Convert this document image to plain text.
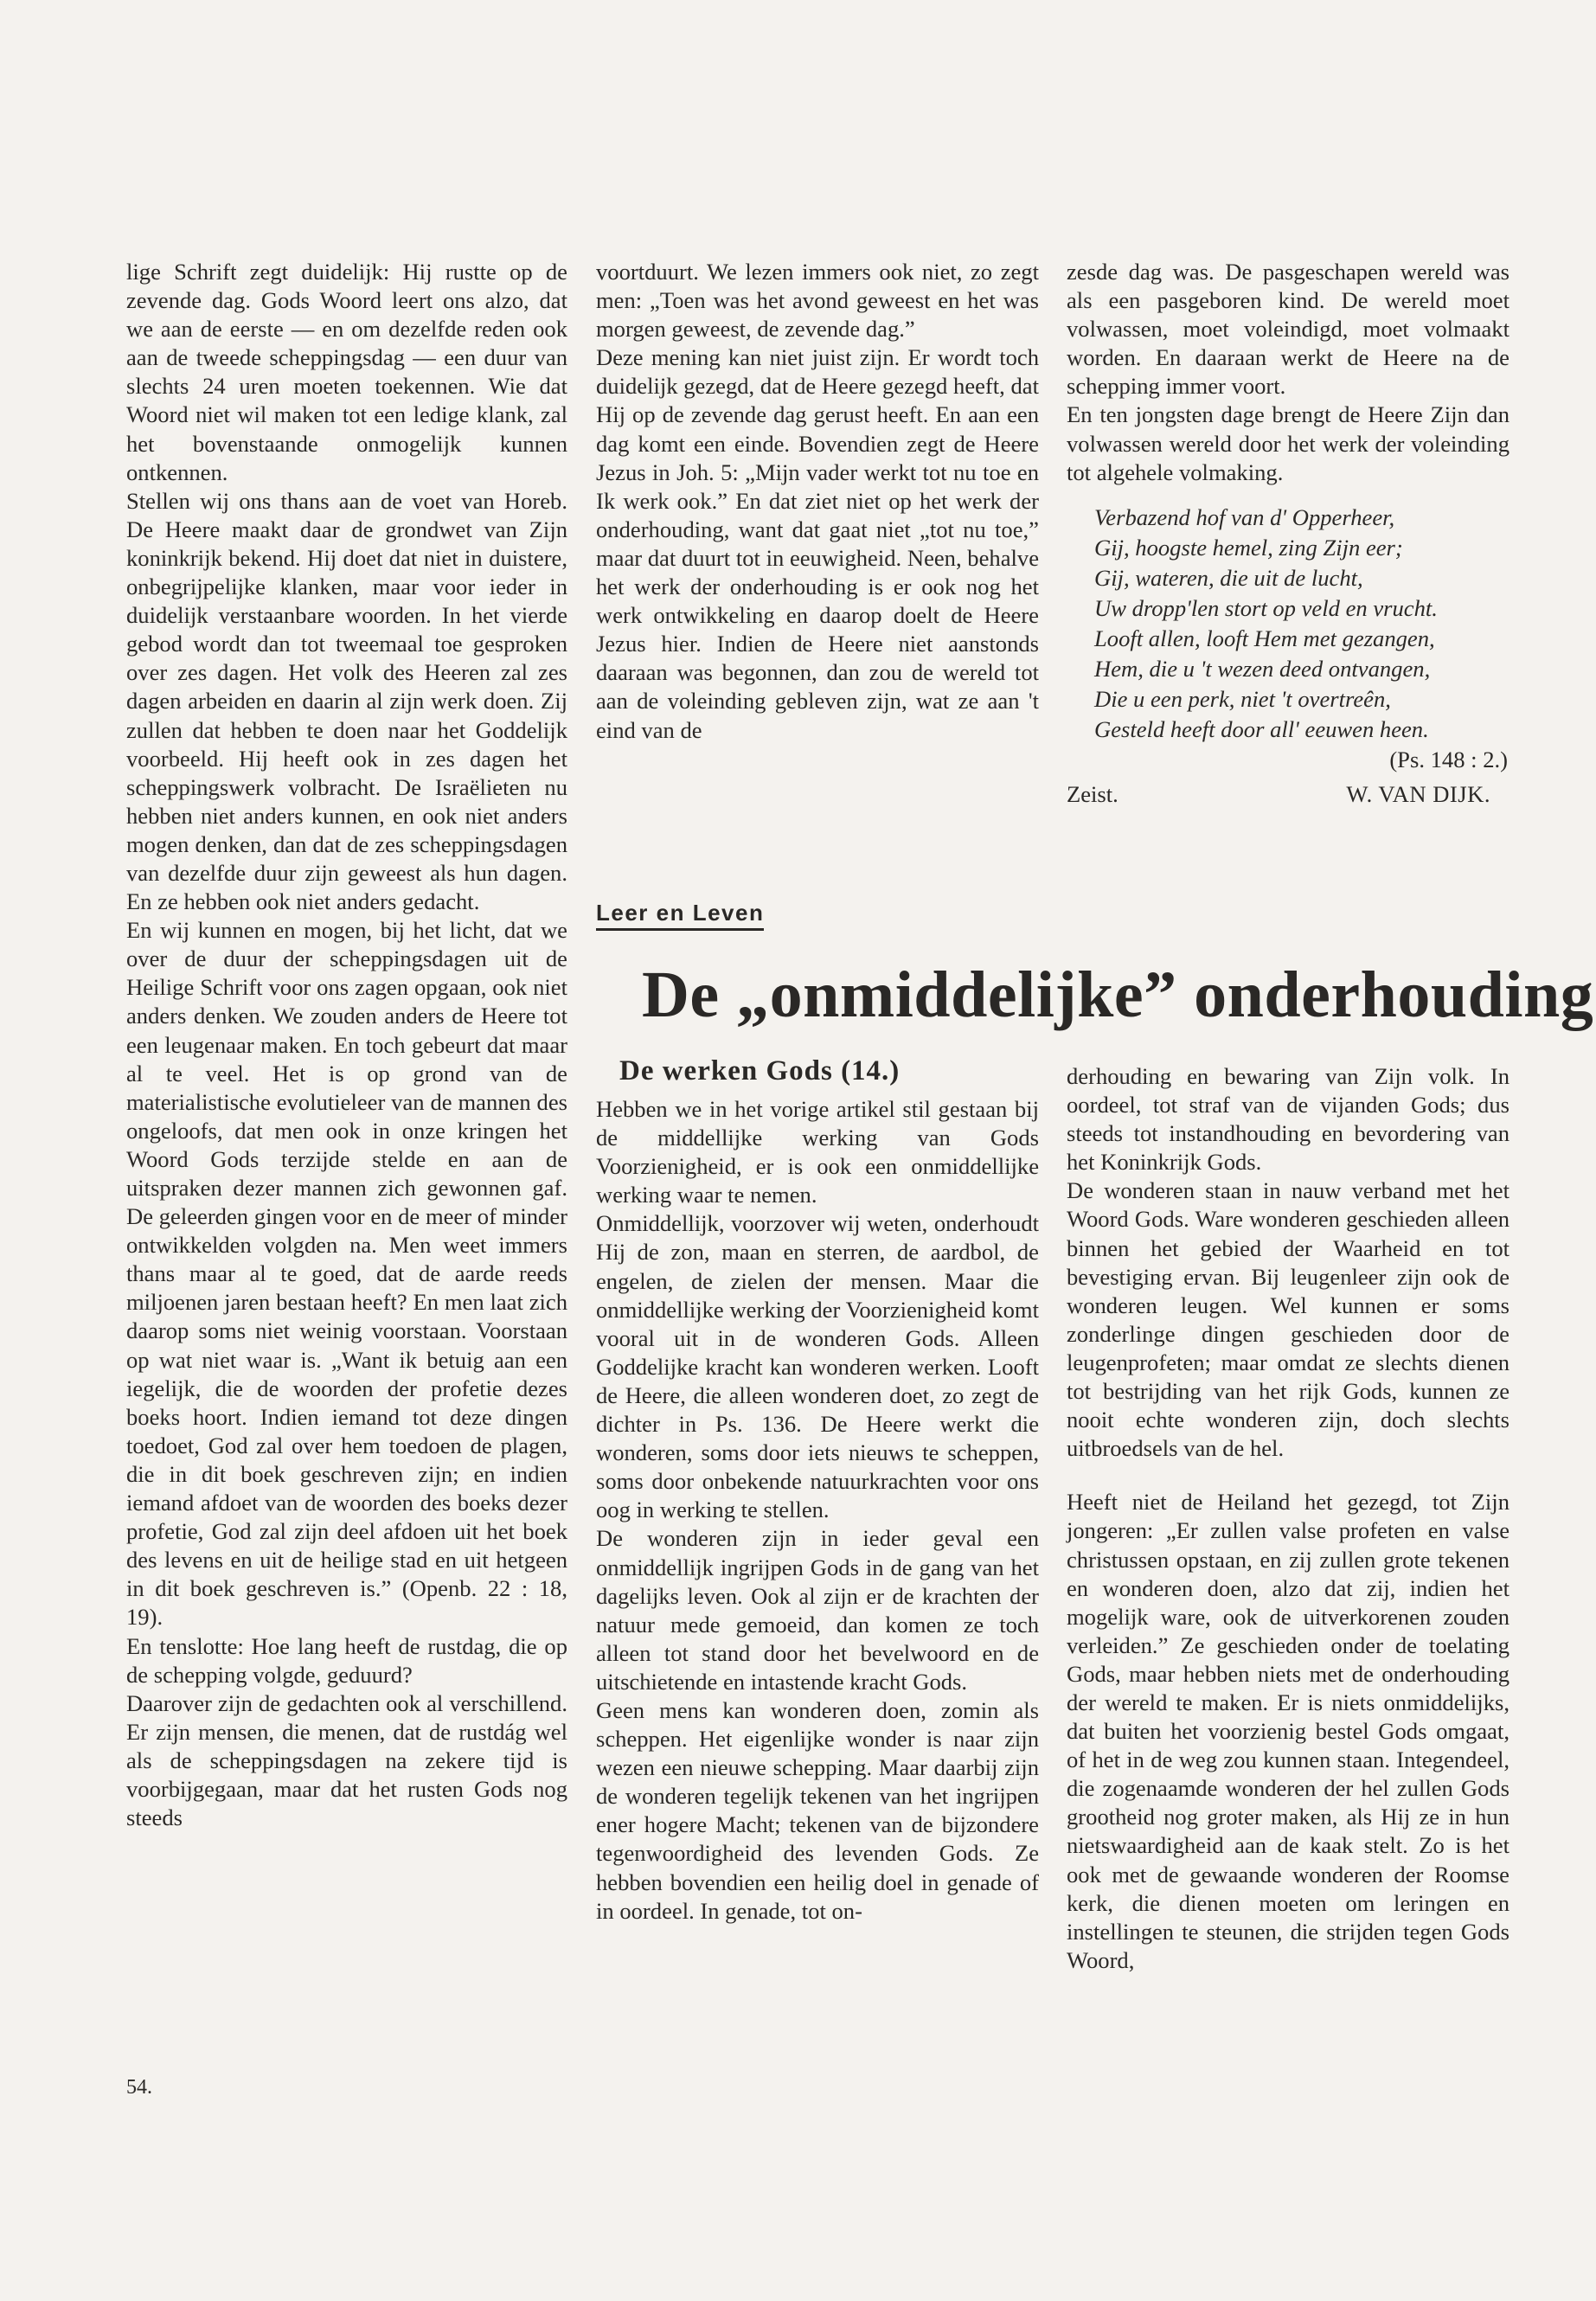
lige Schrift zegt duidelijk: Hij rustte op de zevende dag. Gods Woord leert ons alzo, dat we aan de eerste — en om dezelfde reden ook aan de tweede scheppingsdag — een duur van slechts 24 uren moeten toekennen. Wie dat Woord niet wil maken tot een ledige klank, zal het bovenstaande onmogelijk kunnen ontkennen.

Stellen wij ons thans aan de voet van Horeb. De Heere maakt daar de grondwet van Zijn koninkrijk bekend. Hij doet dat niet in duistere, onbegrijpelijke klanken, maar voor ieder in duidelijk verstaanbare woorden. In het vierde gebod wordt dan tot tweemaal toe gesproken over zes dagen. Het volk des Heeren zal zes dagen arbeiden en daarin al zijn werk doen. Zij zullen dat hebben te doen naar het Goddelijk voorbeeld. Hij heeft ook in zes dagen het scheppingswerk volbracht. De Israëlieten nu hebben niet anders kunnen, en ook niet anders mogen denken, dan dat de zes scheppingsdagen van dezelfde duur zijn geweest als hun dagen. En ze hebben ook niet anders gedacht.

En wij kunnen en mogen, bij het licht, dat we over de duur der scheppingsdagen uit de Heilige Schrift voor ons zagen opgaan, ook niet anders denken. We zouden anders de Heere tot een leugenaar maken. En toch gebeurt dat maar al te veel. Het is op grond van de materialistische evolutieleer van de mannen des ongeloofs, dat men ook in onze kringen het Woord Gods terzijde stelde en aan de uitspraken dezer mannen zich gewonnen gaf. De geleerden gingen voor en de meer of minder ontwikkelden volgden na. Men weet immers thans maar al te goed, dat de aarde reeds miljoenen jaren bestaan heeft? En men laat zich daarop soms niet weinig voorstaan. Voorstaan op wat niet waar is. „Want ik betuig aan een iegelijk, die de woorden der profetie dezes boeks hoort. Indien iemand tot deze dingen toedoet, God zal over hem toedoen de plagen, die in dit boek geschreven zijn; en indien iemand afdoet van de woorden des boeks dezer profetie, God zal zijn deel afdoen uit het boek des levens en uit de heilige stad en uit hetgeen in dit boek geschreven is.” (Openb. 22 : 18, 19).

En tenslotte: Hoe lang heeft de rustdag, die op de schepping volgde, geduurd?

Daarover zijn de gedachten ook al verschillend. Er zijn mensen, die menen, dat de rustdág wel als de scheppingsdagen na zekere tijd is voorbijgegaan, maar dat het rusten Gods nog steeds

voortduurt. We lezen immers ook niet, zo zegt men: „Toen was het avond geweest en het was morgen geweest, de zevende dag.”

Deze mening kan niet juist zijn. Er wordt toch duidelijk gezegd, dat de Heere gezegd heeft, dat Hij op de zevende dag gerust heeft. En aan een dag komt een einde. Bovendien zegt de Heere Jezus in Joh. 5: „Mijn vader werkt tot nu toe en Ik werk ook.” En dat ziet niet op het werk der onderhouding, want dat gaat niet „tot nu toe,” maar dat duurt tot in eeuwigheid. Neen, behalve het werk der onderhouding is er ook nog het werk ontwikkeling en daarop doelt de Heere Jezus hier. Indien de Heere niet aanstonds daaraan was begonnen, dan zou de wereld tot aan de voleinding gebleven zijn, wat ze aan 't eind van de

zesde dag was. De pasgeschapen wereld was als een pasgeboren kind. De wereld moet volwassen, moet voleindigd, moet volmaakt worden. En daaraan werkt de Heere na de schepping immer voort.

En ten jongsten dage brengt de Heere Zijn dan volwassen wereld door het werk der voleinding tot algehele volmaking.

Verbazend hof van d' Opperheer,
Gij, hoogste hemel, zing Zijn eer;
Gij, wateren, die uit de lucht,
Uw dropp'len stort op veld en vrucht.
Looft allen, looft Hem met gezangen,
Hem, die u 't wezen deed ontvangen,
Die u een perk, niet 't overtreên,
Gesteld heeft door all' eeuwen heen.
(Ps. 148 : 2.)
Zeist.	W. VAN DIJK.
Leer en Leven
De „onmiddelijke” onderhouding
De werken Gods (14.)

Hebben we in het vorige artikel stil gestaan bij de middellijke werking van Gods Voorzienigheid, er is ook een onmiddellijke werking waar te nemen.

Onmiddellijk, voorzover wij weten, onderhoudt Hij de zon, maan en sterren, de aardbol, de engelen, de zielen der mensen. Maar die onmiddellijke werking der Voorzienigheid komt vooral uit in de wonderen Gods. Alleen Goddelijke kracht kan wonderen werken. Looft de Heere, die alleen wonderen doet, zo zegt de dichter in Ps. 136. De Heere werkt die wonderen, soms door iets nieuws te scheppen, soms door onbekende natuurkrachten voor ons oog in werking te stellen.

De wonderen zijn in ieder geval een onmiddellijk ingrijpen Gods in de gang van het dagelijks leven. Ook al zijn er de krachten der natuur mede gemoeid, dan komen ze toch alleen tot stand door het bevelwoord en de uitschietende en intastende kracht Gods.

Geen mens kan wonderen doen, zomin als scheppen. Het eigenlijke wonder is naar zijn wezen een nieuwe schepping. Maar daarbij zijn de wonderen tegelijk tekenen van het ingrijpen ener hogere Macht; tekenen van de bijzondere tegenwoordigheid des levenden Gods. Ze hebben bovendien een heilig doel in genade of in oordeel. In genade, tot on-

derhouding en bewaring van Zijn volk. In oordeel, tot straf van de vijanden Gods; dus steeds tot instandhouding en bevordering van het Koninkrijk Gods.

De wonderen staan in nauw verband met het Woord Gods. Ware wonderen geschieden alleen binnen het gebied der Waarheid en tot bevestiging ervan. Bij leugenleer zijn ook de wonderen leugen. Wel kunnen er soms zonderlinge dingen geschieden door de leugenprofeten; maar omdat ze slechts dienen tot bestrijding van het rijk Gods, kunnen ze nooit echte wonderen zijn, doch slechts uitbroedsels van de hel.

Heeft niet de Heiland het gezegd, tot Zijn jongeren: „Er zullen valse profeten en valse christussen opstaan, en zij zullen grote tekenen en wonderen doen, alzo dat zij, indien het mogelijk ware, ook de uitverkorenen zouden verleiden.” Ze geschieden onder de toelating Gods, maar hebben niets met de onderhouding der wereld te maken. Er is niets onmiddelijks, dat buiten het voorzienig bestel Gods omgaat, of het in de weg zou kunnen staan. Integendeel, die zogenaamde wonderen der hel zullen Gods grootheid nog groter maken, als Hij ze in hun nietswaardigheid aan de kaak stelt. Zo is het ook met de gewaande wonderen der Roomse kerk, die dienen moeten om leringen en instellingen te steunen, die strijden tegen Gods Woord,

54.
